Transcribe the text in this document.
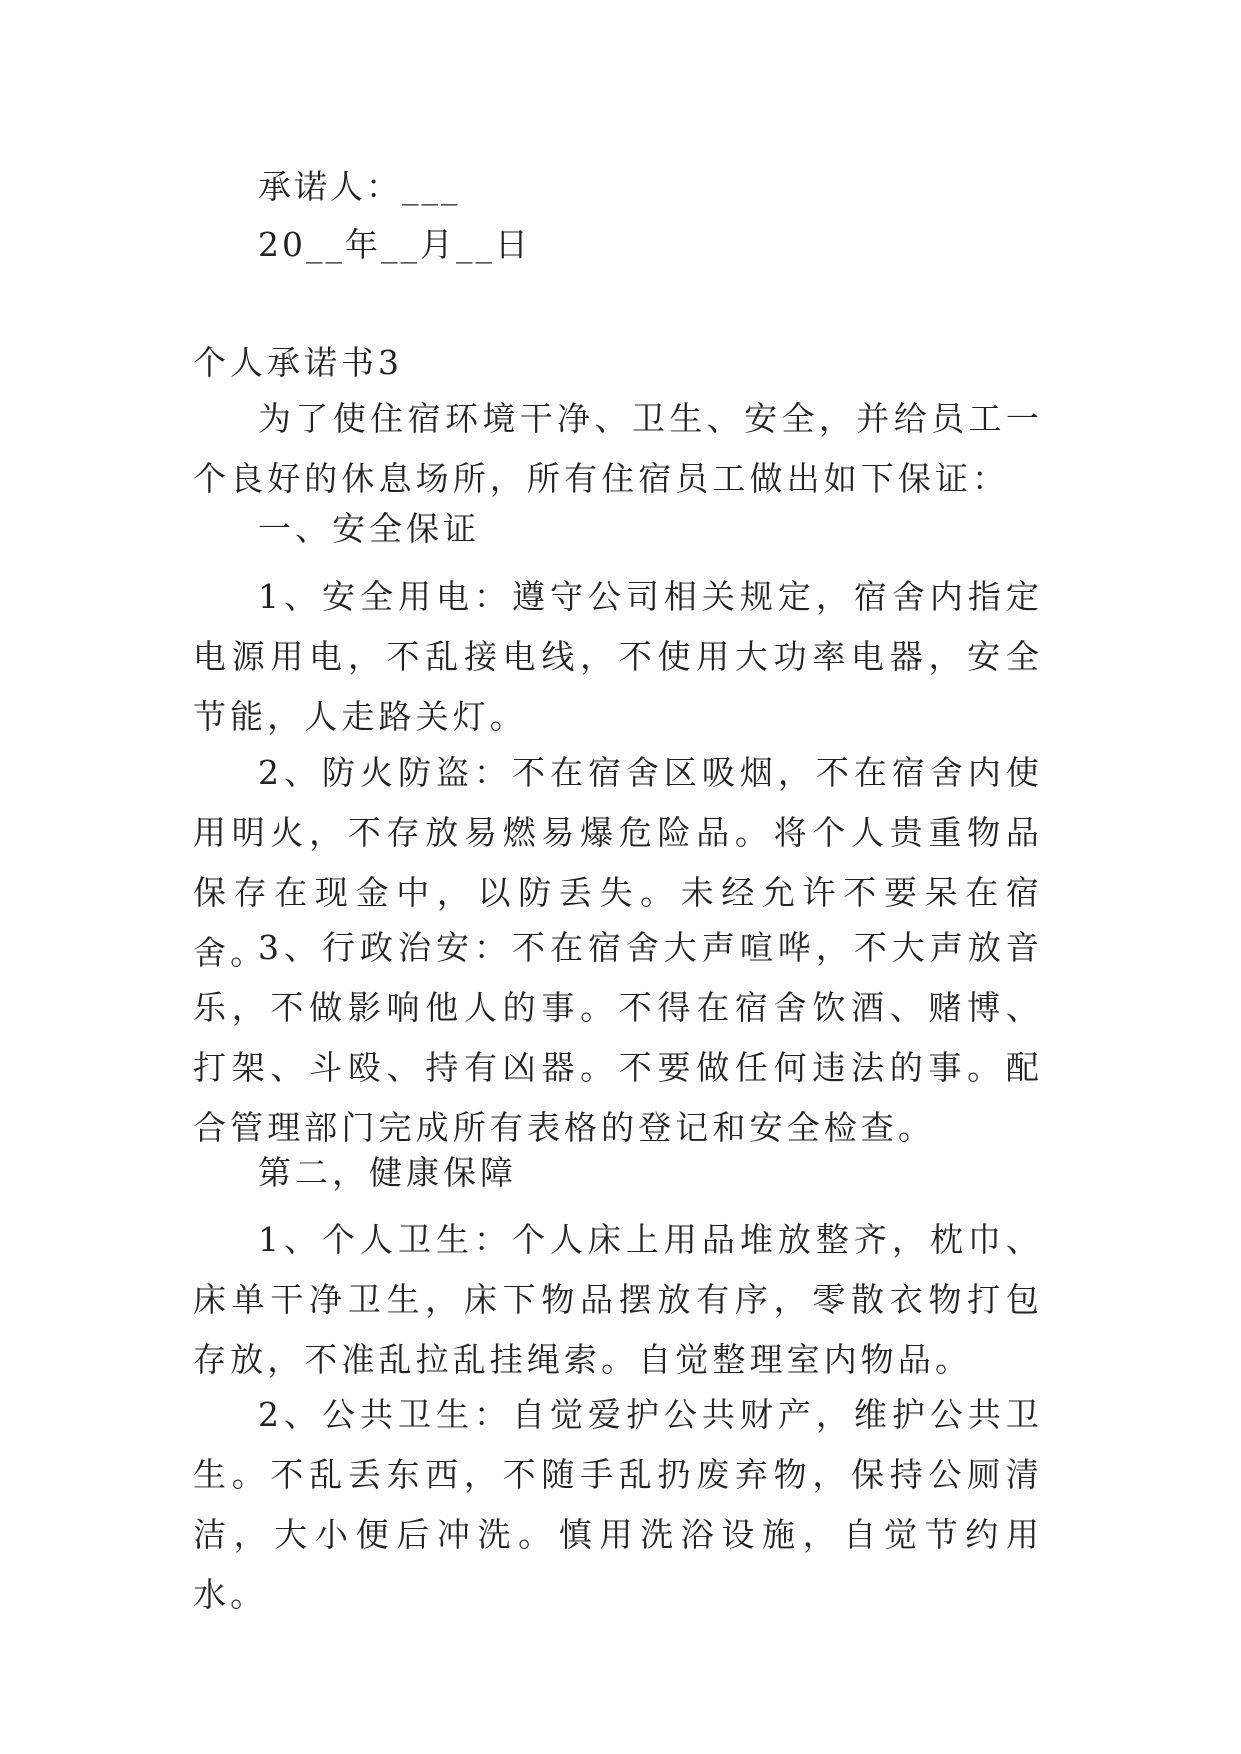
承诺人：___

20__年__月__日

个人承诺书3

为了使住宿环境干净、卫生、安全，并给员工一个良好的休息场所，所有住宿员工做出如下保证：

一、安全保证

1、安全用电：遵守公司相关规定，宿舍内指定电源用电，不乱接电线，不使用大功率电器，安全节能，人走路关灯。

2、防火防盗：不在宿舍区吸烟，不在宿舍内使用明火，不存放易燃易爆危险品。将个人贵重物品保存在现金中，以防丢失。未经允许不要呆在宿舍。

3、行政治安：不在宿舍大声喧哗，不大声放音乐，不做影响他人的事。不得在宿舍饮酒、赌博、打架、斗殴、持有凶器。不要做任何违法的事。配合管理部门完成所有表格的登记和安全检查。

第二，健康保障

1、个人卫生：个人床上用品堆放整齐，枕巾、床单干净卫生，床下物品摆放有序，零散衣物打包存放，不准乱拉乱挂绳索。自觉整理室内物品。

2、公共卫生：自觉爱护公共财产，维护公共卫生。不乱丢东西，不随手乱扔废弃物，保持公厕清洁，大小便后冲洗。慎用洗浴设施，自觉节约用水。
